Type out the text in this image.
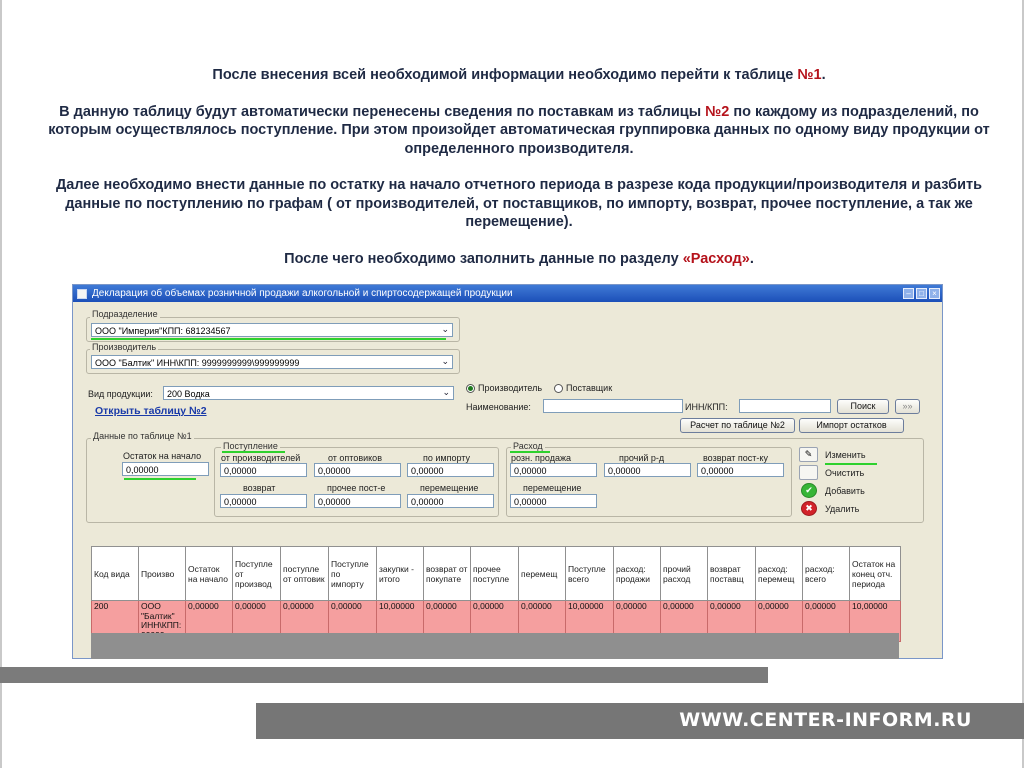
После внесения всей необходимой информации необходимо перейти к таблице №1.

В данную таблицу будут автоматически перенесены сведения по поставкам из таблицы №2 по каждому из подразделений, по которым осуществлялось поступление. При этом произойдет автоматическая группировка данных по одному виду продукции от определенного производителя.

Далее необходимо внести данные по остатку на начало отчетного периода в разрезе кода продукции/производителя и разбить данные по поступлению по графам ( от производителей, от поставщиков, по импорту, возврат, прочее поступление, а так же перемещение).

После чего необходимо заполнить данные по разделу «Расход».

Декларация об объемах розничной продажи алкогольной и спиртосодержащей продукции	–	□	×
Подразделение
ООО "Империя"КПП: 681234567	⌄
Производитель
ООО "Балтик" ИНН\КПП: 9999999999\999999999	⌄
Вид продукции:	200 Водка	⌄
Открыть таблицу №2
Производитель	Поставщик
Наименование:	ИНН/КПП:	Поиск	»»
Расчет по таблице №2	Импорт остатков
Данные по таблице №1
Остаток на начало
0,00000
Поступление
от производителей
0,00000
от оптовиков
0,00000
по импорту
0,00000
возврат
0,00000
прочее пост-е
0,00000
перемещение
0,00000
Расход
розн. продажа
0,00000
прочий р-д
0,00000
возврат пост-ку
0,00000
перемещение
0,00000
✎	Изменить
Очистить
✔	Добавить
✖	Удалить
Код вида	Произво	Остаток на начало	Поступле от производ	поступле от оптовик	Поступле по импорту	закупки - итого	возврат от покупате	прочее поступле	перемещ	Поступле всего	расход: продажи	прочий расход	возврат поставщ	расход: перемещ	расход: всего	Остаток на конец отч. периода
200	ООО "Балтик" ИНН\КПП:	0,00000	0,00000	0,00000	0,00000	10,00000	0,00000	0,00000	0,00000	10,00000	0,00000	0,00000	0,00000	0,00000	0,00000	10,00000
WWW.CENTER-INFORM.RU
